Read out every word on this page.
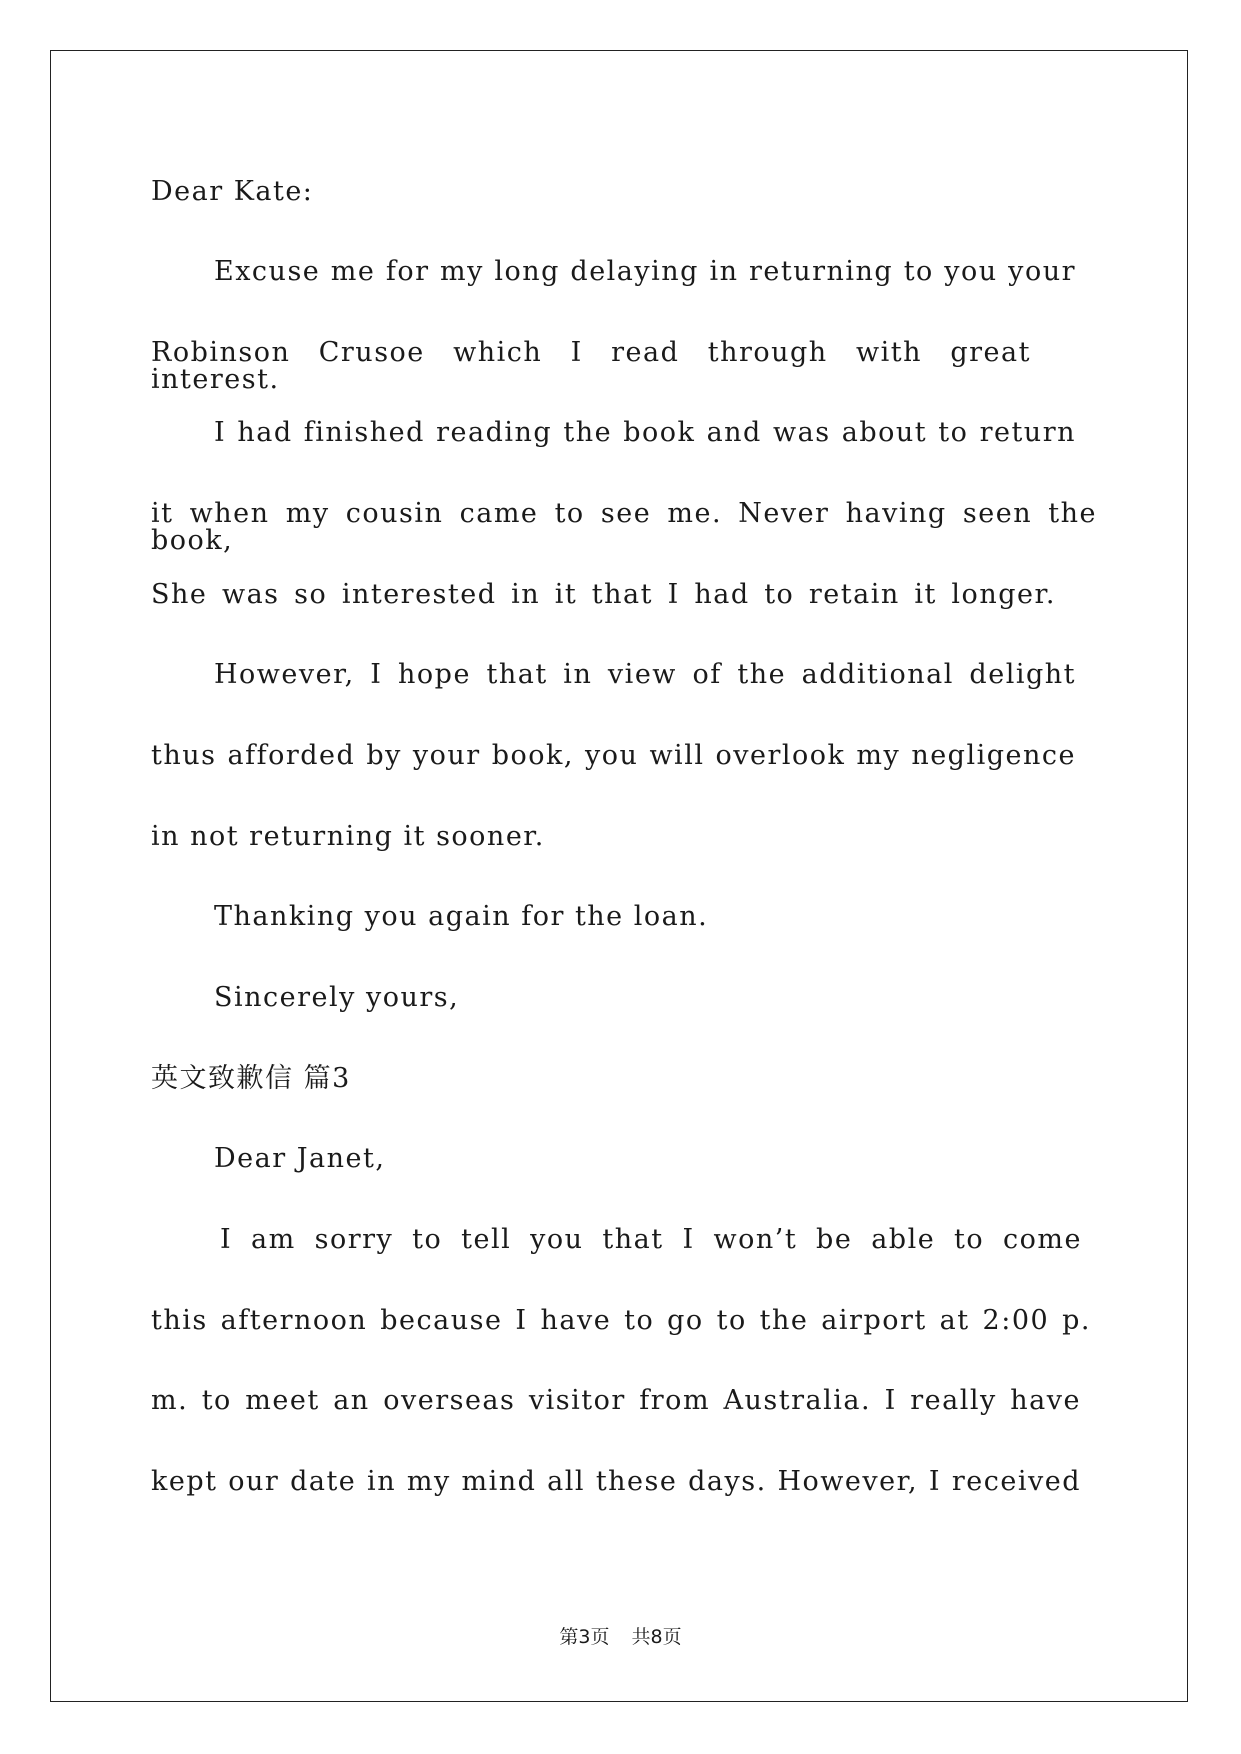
Dear Kate:
Excuse me for my long delaying in returning to you your
Robinson Crusoe which I read through with great interest.
I had finished reading the book and was about to return
it when my cousin came to see me. Never having seen the book,
She was so interested in it that I had to retain it longer.
However, I hope that in view of the additional delight
thus afforded by your book, you will overlook my negligence
in not returning it sooner.
Thanking you again for the loan.
Sincerely yours,
英文致歉信 篇3
Dear Janet,
I am sorry to tell you that I won’t be able to come
this afternoon because I have to go to the airport at 2:00 p.
m. to meet an overseas visitor from Australia. I really have
kept our date in my mind all these days. However, I received
第3页 共8页
